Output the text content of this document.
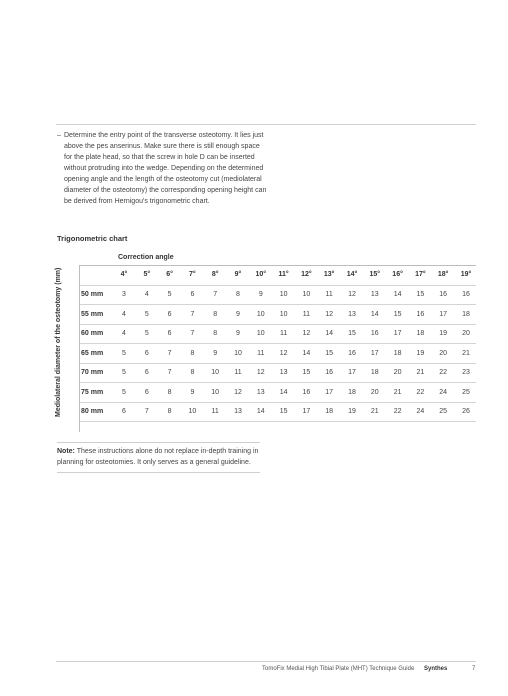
– Determine the entry point of the transverse osteotomy. It lies just above the pes anserinus. Make sure there is still enough space for the plate head, so that the screw in hole D can be inserted without protruding into the wedge. Depending on the determined opening angle and the length of the osteotomy cut (mediolateral diameter of the osteotomy) the corresponding opening height can be derived from Hernigou's trigonometric chart.
Trigonometric chart
Correction angle
Mediolateral diameter of the osteotomy (mm)	4°	5°	6°	7°	8°	9°	10°	11°	12°	13°	14°	15°	16°	17°	18°	19°
50 mm	3	4	5	6	7	8	9	10	10	11	12	13	14	15	16	16
55 mm	4	5	6	7	8	9	10	10	11	12	13	14	15	16	17	18
60 mm	4	5	6	7	8	9	10	11	12	14	15	16	17	18	19	20
65 mm	5	6	7	8	9	10	11	12	14	15	16	17	18	19	20	21
70 mm	5	6	7	8	10	11	12	13	15	16	17	18	20	21	22	23
75 mm	5	6	8	9	10	12	13	14	16	17	18	20	21	22	24	25
80 mm	6	7	8	10	11	13	14	15	17	18	19	21	22	24	25	26
Note: These instructions alone do not replace in-depth training in planning for osteotomies. It only serves as a general guideline.
TomoFix Medial High Tibial Plate (MHT) Technique Guide Synthes	7
